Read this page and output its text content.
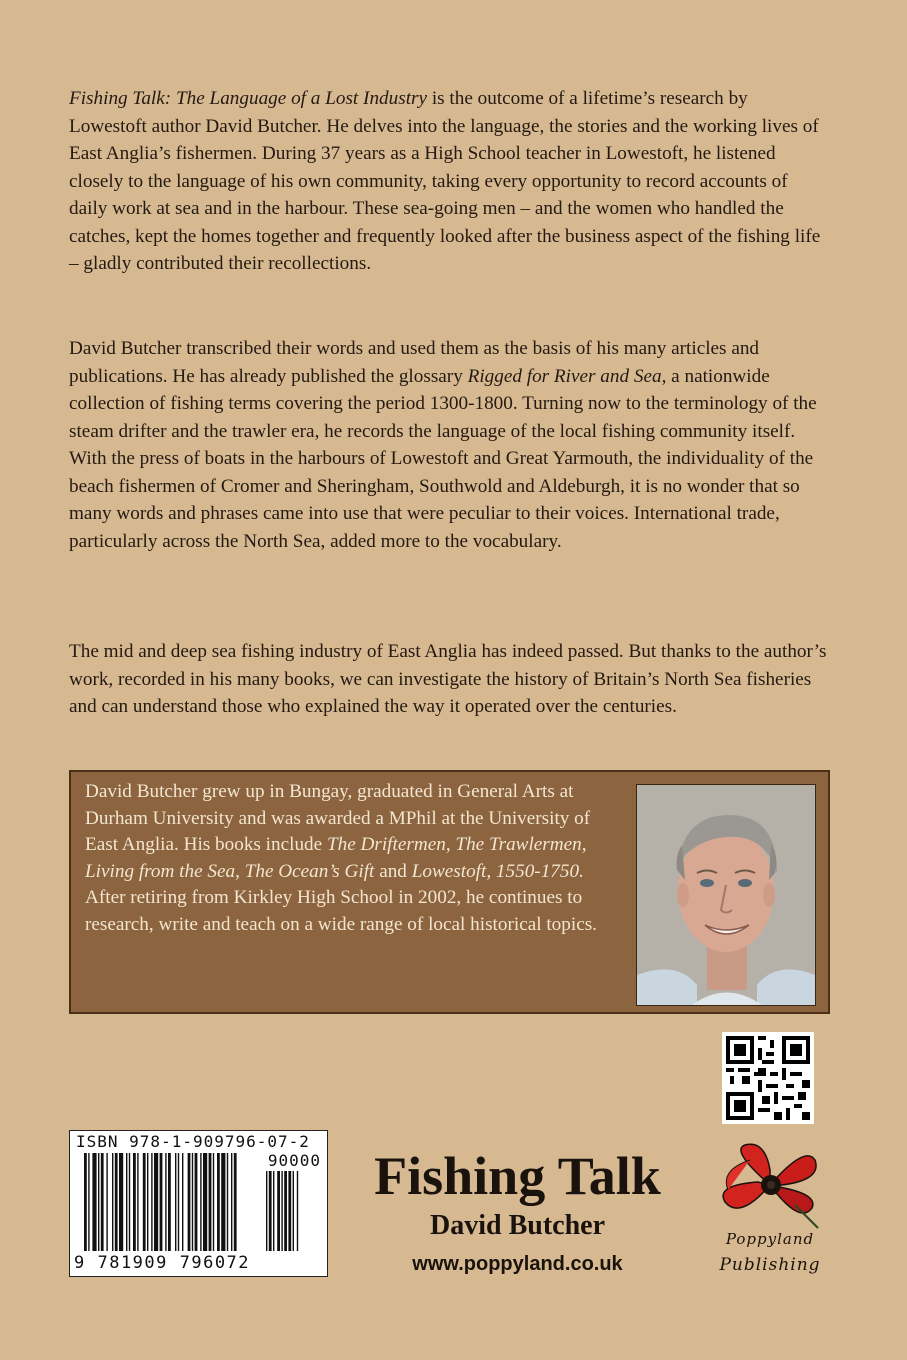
Fishing Talk: The Language of a Lost Industry is the outcome of a lifetime’s research by Lowestoft author David Butcher. He delves into the language, the stories and the working lives of East Anglia’s fishermen. During 37 years as a High School teacher in Lowestoft, he listened closely to the language of his own community, taking every opportunity to record accounts of daily work at sea and in the harbour. These sea-going men – and the women who handled the catches, kept the homes together and frequently looked after the business aspect of the fishing life – gladly contributed their recollections.

David Butcher transcribed their words and used them as the basis of his many articles and publications. He has already published the glossary Rigged for River and Sea, a nationwide collection of fishing terms covering the period 1300-1800. Turning now to the terminology of the steam drifter and the trawler era, he records the language of the local fishing community itself. With the press of boats in the harbours of Lowestoft and Great Yarmouth, the individuality of the beach fishermen of Cromer and Sheringham, Southwold and Aldeburgh, it is no wonder that so many words and phrases came into use that were peculiar to their voices. International trade, particularly across the North Sea, added more to the vocabulary.

The mid and deep sea fishing industry of East Anglia has indeed passed. But thanks to the author’s work, recorded in his many books, we can investigate the history of Britain’s North Sea fisheries and can understand those who explained the way it operated over the centuries.

David Butcher grew up in Bungay, graduated in General Arts at Durham University and was awarded a MPhil at the University of East Anglia. His books include The Driftermen, The Trawlermen, Living from the Sea, The Ocean’s Gift and Lowestoft, 1550-1750. After retiring from Kirkley High School in 2002, he continues to research, write and teach on a wide range of local historical topics.
ISBN 978-1-909796-07-2
90000
9 781909 796072
Fishing Talk
David Butcher
www.poppyland.co.uk
Poppyland
Publishing
